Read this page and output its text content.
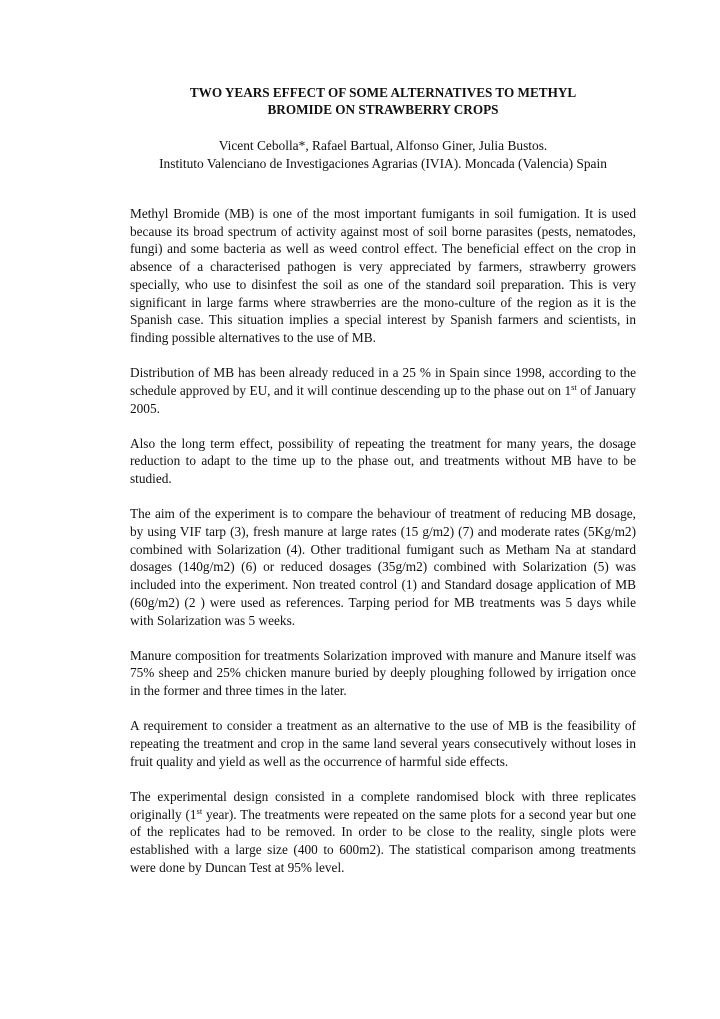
TWO YEARS EFFECT OF SOME ALTERNATIVES TO METHYL
BROMIDE ON STRAWBERRY CROPS
Vicent Cebolla*, Rafael Bartual, Alfonso Giner, Julia Bustos.
Instituto Valenciano de Investigaciones Agrarias (IVIA). Moncada (Valencia) Spain

Methyl Bromide (MB) is one of the most important fumigants in soil fumigation. It is used because its broad spectrum of activity against most of soil borne parasites (pests, nematodes, fungi) and some bacteria as well as weed control effect. The beneficial effect on the crop in absence of a characterised pathogen is very appreciated by farmers, strawberry growers specially, who use to disinfest the soil as one of the standard soil preparation. This is very significant in large farms where strawberries are the mono-culture of the region as it is the Spanish case. This situation implies a special interest by Spanish farmers and scientists, in finding possible alternatives to the use of MB.

Distribution of MB has been already reduced in a 25 % in Spain since 1998, according to the schedule approved by EU, and it will continue descending up to the phase out on 1st of January 2005.

Also the long term effect, possibility of repeating the treatment for many years, the dosage reduction to adapt to the time up to the phase out, and treatments without MB have to be studied.

The aim of the experiment is to compare the behaviour of treatment of reducing MB dosage, by using VIF tarp (3), fresh manure at large rates (15 g/m2) (7) and moderate rates (5Kg/m2) combined with Solarization (4). Other traditional fumigant such as Metham Na at standard dosages (140g/m2) (6) or reduced dosages (35g/m2) combined with Solarization (5) was included into the experiment. Non treated control (1) and Standard dosage application of MB (60g/m2) (2 ) were used as references. Tarping period for MB treatments was 5 days while with Solarization was 5 weeks.

Manure composition for treatments Solarization improved with manure and Manure itself was 75% sheep and 25% chicken manure buried by deeply ploughing followed by irrigation once in the former and three times in the later.

A requirement to consider a treatment as an alternative to the use of MB is the feasibility of repeating the treatment and crop in the same land several years consecutively without loses in fruit quality and yield as well as the occurrence of harmful side effects.

The experimental design consisted in a complete randomised block with three replicates originally (1st year). The treatments were repeated on the same plots for a second year but one of the replicates had to be removed. In order to be close to the reality, single plots were established with a large size (400 to 600m2). The statistical comparison among treatments were done by Duncan Test at 95% level.
